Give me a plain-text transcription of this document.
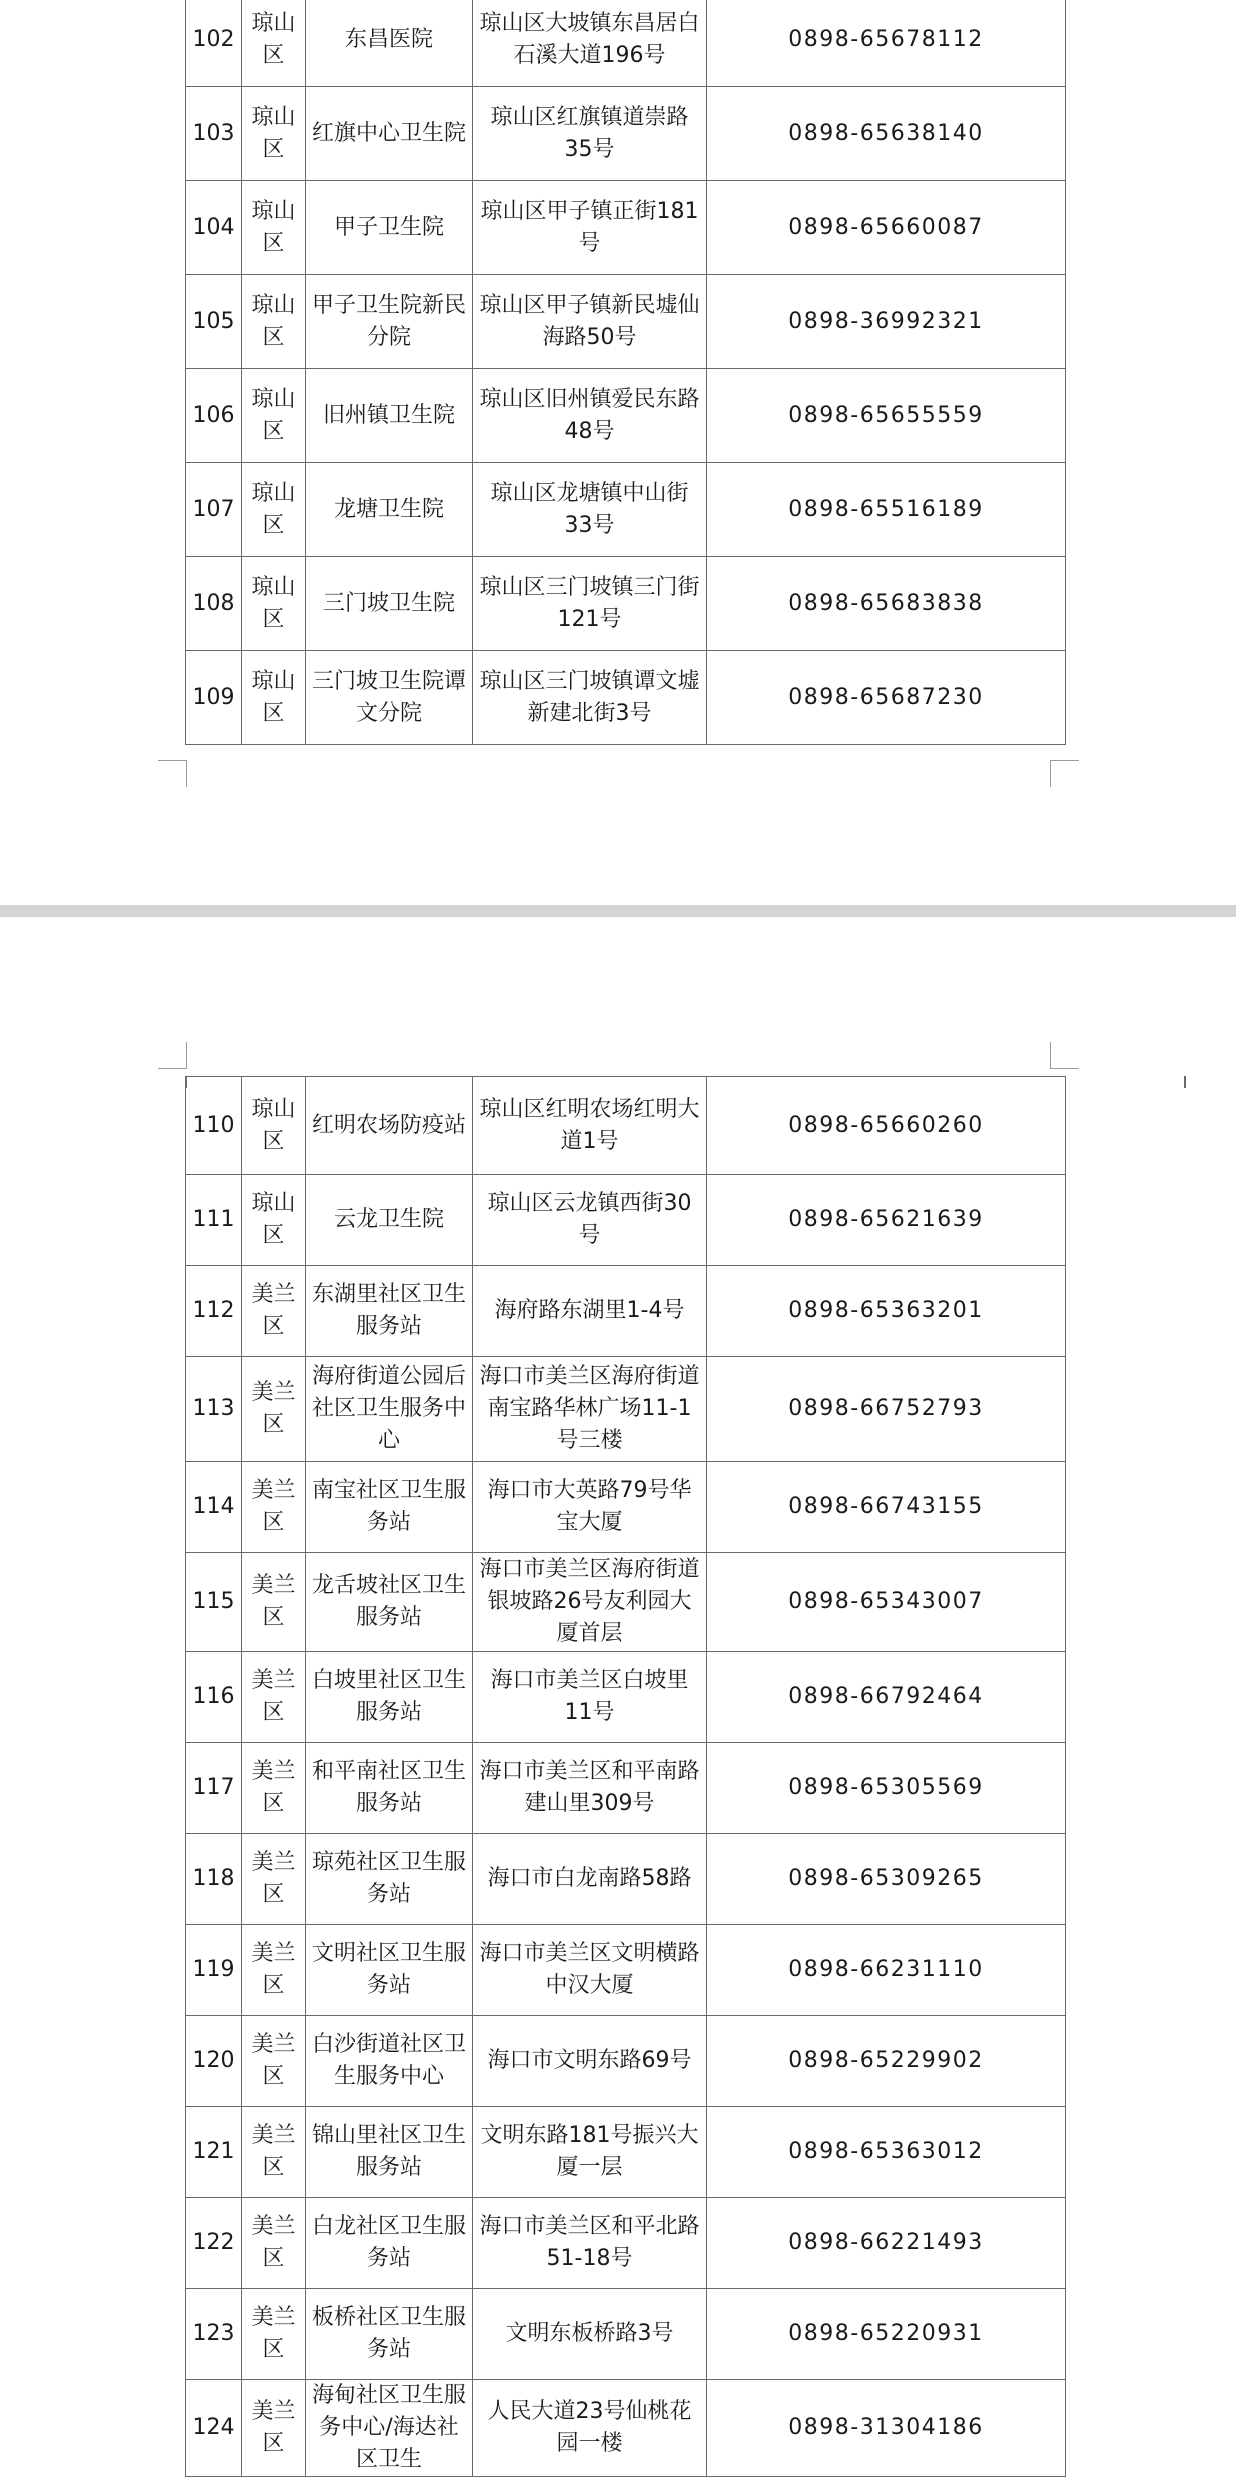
102	琼山区	东昌医院	琼山区大坡镇东昌居白石溪大道196号	0898-65678112
103	琼山区	红旗中心卫生院	琼山区红旗镇道崇路35号	0898-65638140
104	琼山区	甲子卫生院	琼山区甲子镇正街181号	0898-65660087
105	琼山区	甲子卫生院新民分院	琼山区甲子镇新民墟仙海路50号	0898-36992321
106	琼山区	旧州镇卫生院	琼山区旧州镇爱民东路48号	0898-65655559
107	琼山区	龙塘卫生院	琼山区龙塘镇中山街33号	0898-65516189
108	琼山区	三门坡卫生院	琼山区三门坡镇三门街121号	0898-65683838
109	琼山区	三门坡卫生院谭文分院	琼山区三门坡镇谭文墟新建北街3号	0898-65687230
110	琼山区	红明农场防疫站	琼山区红明农场红明大道1号	0898-65660260
111	琼山区	云龙卫生院	琼山区云龙镇西街30号	0898-65621639
112	美兰区	东湖里社区卫生服务站	海府路东湖里1-4号	0898-65363201
113	美兰区	海府街道公园后社区卫生服务中心	海口市美兰区海府街道南宝路华林广场11-1号三楼	0898-66752793
114	美兰区	南宝社区卫生服务站	海口市大英路79号华宝大厦	0898-66743155
115	美兰区	龙舌坡社区卫生服务站	海口市美兰区海府街道银坡路26号友利园大厦首层	0898-65343007
116	美兰区	白坡里社区卫生服务站	海口市美兰区白坡里11号	0898-66792464
117	美兰区	和平南社区卫生服务站	海口市美兰区和平南路建山里309号	0898-65305569
118	美兰区	琼苑社区卫生服务站	海口市白龙南路58路	0898-65309265
119	美兰区	文明社区卫生服务站	海口市美兰区文明横路中汉大厦	0898-66231110
120	美兰区	白沙街道社区卫生服务中心	海口市文明东路69号	0898-65229902
121	美兰区	锦山里社区卫生服务站	文明东路181号振兴大厦一层	0898-65363012
122	美兰区	白龙社区卫生服务站	海口市美兰区和平北路51-18号	0898-66221493
123	美兰区	板桥社区卫生服务站	文明东板桥路3号	0898-65220931
124	美兰区	海甸社区卫生服务中心/海达社区卫生	人民大道23号仙桃花园一楼	0898-31304186
